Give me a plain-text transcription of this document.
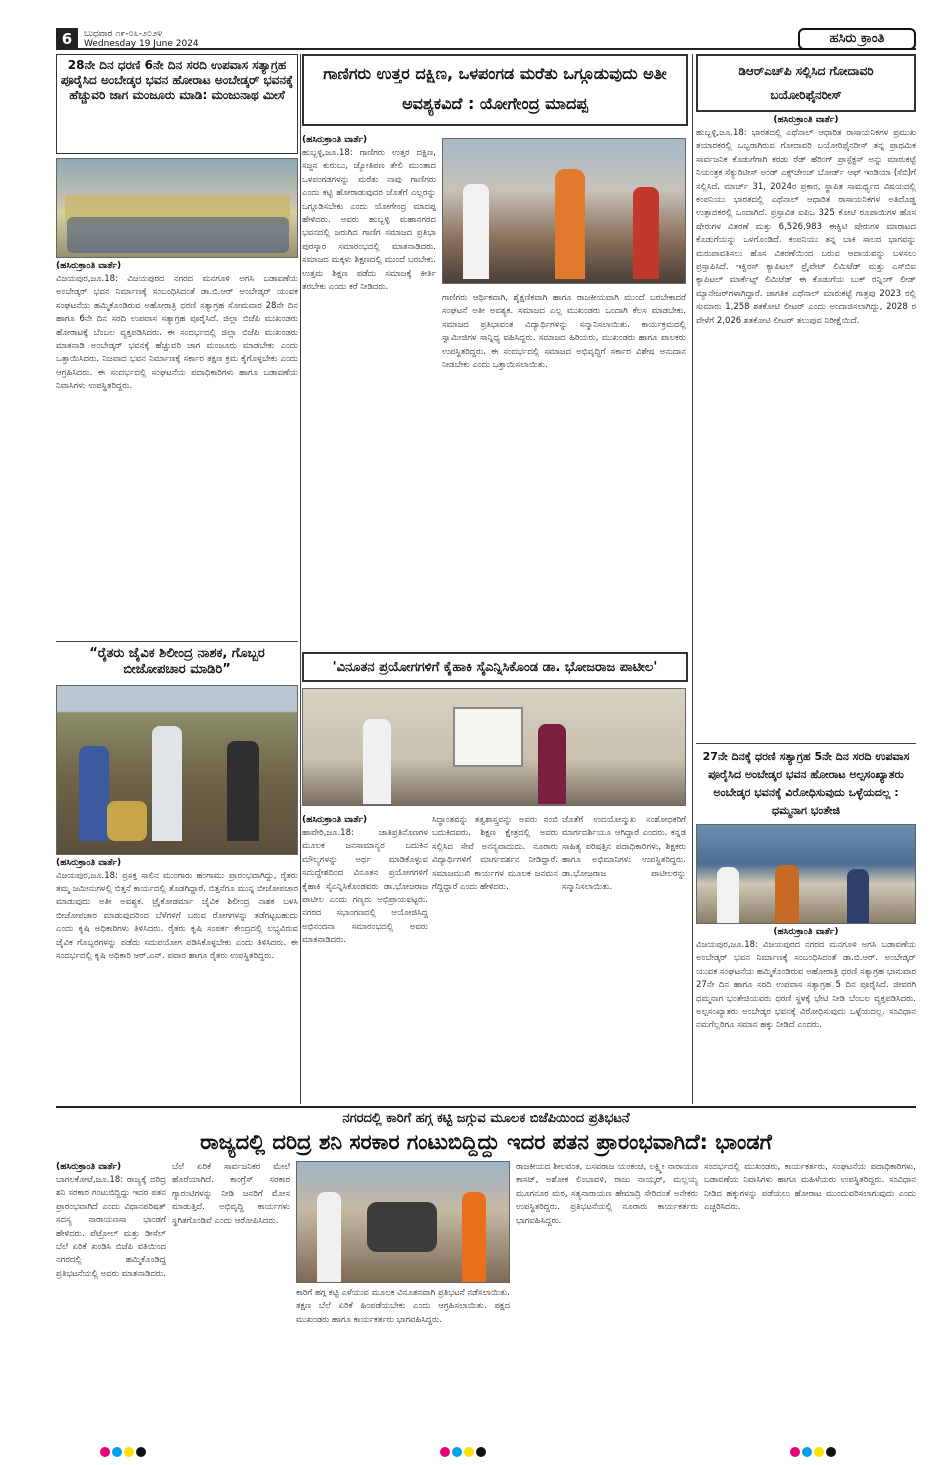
6	ಬುಧವಾರ ೧೯-೦೬-೨೦೨೪
Wednesday 19 June 2024	ಹಸಿರು ಕ್ರಾಂತಿ
28ನೇ ದಿನ ಧರಣಿ 6ನೇ ದಿನ ಸರದಿ ಉಪವಾಸ ಸತ್ಯಾಗ್ರಹ ಪೂರೈಸಿದ ಅಂಬೇಡ್ಕರ ಭವನ ಹೋರಾಟ ಅಂಬೇಡ್ಕರ್ ಭವನಕ್ಕೆ ಹೆಚ್ಚುವರಿ ಜಾಗ ಮಂಜೂರು ಮಾಡಿ: ಮಂಜುನಾಥ ಮೀಸೆ
(ಹಸಿರುಕ್ರಾಂತಿ ವಾರ್ತೆ)
ವಿಜಯಪುರ,ಜೂ.18: ವಿಜಯಪುರದ ನಗರದ ಮನಗೂಳಿ ಅಗಸಿ ಬಡಾವಣೆಯ ಅಂಬೇಡ್ಕರ್ ಭವನ ನಿರ್ಮಾಣಕ್ಕೆ ಸಂಬಂಧಿಸಿದಂತೆ ಡಾ.ಬಿ.ಆರ್ ಅಂಬೇಡ್ಕರ್ ಯುವಕ ಸಂಘಟನೆಯ ಹಮ್ಮಿಕೊಂಡಿರುವ ಅಹೋರಾತ್ರಿ ಧರಣಿ ಸತ್ಯಾಗ್ರಹ ಸೋಮವಾರ 28ನೇ ದಿನ ಹಾಗೂ 6ನೇ ದಿನ ಸರದಿ ಉಪವಾಸ ಸತ್ಯಾಗ್ರಹ ಪೂರೈಸಿದೆ. ಜಿಲ್ಲಾ ಬಿಜೆಪಿ ಮುಖಂಡರು ಹೋರಾಟಕ್ಕೆ ಬೆಂಬಲ ವ್ಯಕ್ತಪಡಿಸಿದರು. ಈ ಸಂದರ್ಭದಲ್ಲಿ ಜಿಲ್ಲಾ ಬಿಜೆಪಿ ಮುಖಂಡರು ಮಾತನಾಡಿ ಅಂಬೇಡ್ಕರ್ ಭವನಕ್ಕೆ ಹೆಚ್ಚುವರಿ ಜಾಗ ಮಂಜೂರು ಮಾಡಬೇಕು ಎಂದು ಒತ್ತಾಯಿಸಿದರು. ನಿಜವಾದ ಭವನ ನಿರ್ಮಾಣಕ್ಕೆ ಸರ್ಕಾರ ತಕ್ಷಣ ಕ್ರಮ ಕೈಗೊಳ್ಳಬೇಕು ಎಂದು ಆಗ್ರಹಿಸಿದರು. ಈ ಸಂದರ್ಭದಲ್ಲಿ ಸಂಘಟನೆಯ ಪದಾಧಿಕಾರಿಗಳು ಹಾಗೂ ಬಡಾವಣೆಯ ನಿವಾಸಿಗಳು ಉಪಸ್ಥಿತರಿದ್ದರು.
“ರೈತರು ಜೈವಿಕ ಶಿಲೀಂದ್ರ ನಾಶಕ, ಗೊಬ್ಬರ ಬೀಜೋಪಚಾರ ಮಾಡಿರಿ”
(ಹಸಿರುಕ್ರಾಂತಿ ವಾರ್ತೆ)
ವಿಜಯಪುರ,ಜೂ.18: ಪ್ರಸಕ್ತ ಸಾಲಿನ ಮುಂಗಾರು ಹಂಗಾಮು ಪ್ರಾರಂಭವಾಗಿದ್ದು, ರೈತರು ತಮ್ಮ ಜಮೀನುಗಳಲ್ಲಿ ಬಿತ್ತನೆ ಕಾರ್ಯದಲ್ಲಿ ತೊಡಗಿದ್ದಾರೆ. ಬಿತ್ತನೆಗೂ ಮುನ್ನ ಬೀಜೋಪಚಾರ ಮಾಡುವುದು ಅತೀ ಅವಶ್ಯಕ. ಟ್ರೈಕೋಡರ್ಮಾ ಜೈವಿಕ ಶಿಲೀಂದ್ರ ನಾಶಕ ಬಳಸಿ ಬೀಜೋಪಚಾರ ಮಾಡುವುದರಿಂದ ಬೆಳೆಗಳಿಗೆ ಬರುವ ರೋಗಗಳನ್ನು ತಡೆಗಟ್ಟಬಹುದು ಎಂದು ಕೃಷಿ ಅಧಿಕಾರಿಗಳು ತಿಳಿಸಿದರು. ರೈತರು ಕೃಷಿ ಸಂಪರ್ಕ ಕೇಂದ್ರದಲ್ಲಿ ಲಭ್ಯವಿರುವ ಜೈವಿಕ ಗೊಬ್ಬರಗಳನ್ನು ಪಡೆದು ಸದುಪಯೋಗ ಪಡಿಸಿಕೊಳ್ಳಬೇಕು ಎಂದು ತಿಳಿಸಿದರು. ಈ ಸಂದರ್ಭದಲ್ಲಿ ಕೃಷಿ ಅಧಿಕಾರಿ ಆರ್.ಎನ್. ಪವಾರ ಹಾಗೂ ರೈತರು ಉಪಸ್ಥಿತರಿದ್ದರು.
ಗಾಣಿಗರು ಉತ್ತರ ದಕ್ಷಿಣ, ಒಳಪಂಗಡ ಮರೆತು ಒಗ್ಗೂಡುವುದು ಅತೀ ಅವಶ್ಯಕವಿದೆ : ಯೋಗೇಂದ್ರ ಮಾದಪ್ಪ
(ಹಸಿರುಕ್ರಾಂತಿ ವಾರ್ತೆ)
ಹುಬ್ಬಳ್ಳಿ,ಜೂ.18: ಗಾಣಿಗರು ಉತ್ತರ ದಕ್ಷಿಣ, ಸಜ್ಜನ ಕುರುಬು, ಜ್ಯೋತಿಪಣ ತೇಲಿ ಮುಂತಾದ ಒಳಪಂಗಡಗಳನ್ನು ಮರೆತು ನಾವು ಗಾಣಿಗರು ಎಂದು ಕಟ್ಟಿ ಹೋರಾಡುವುದರ ಜೊತೆಗೆ ಎಲ್ಲರನ್ನು ಒಗ್ಗೂಡಿಸಬೇಕು ಎಂದು ಯೋಗೇಂದ್ರ ಮಾದಪ್ಪ ಹೇಳಿದರು. ಅವರು ಹುಬ್ಬಳ್ಳಿ ಮಹಾನಗರದ ಭವನದಲ್ಲಿ ಜರುಗಿದ ಗಾಣಿಗ ಸಮಾಜದ ಪ್ರತಿಭಾ ಪುರಸ್ಕಾರ ಸಮಾರಂಭದಲ್ಲಿ ಮಾತನಾಡಿದರು. ಸಮಾಜದ ಮಕ್ಕಳು ಶಿಕ್ಷಣದಲ್ಲಿ ಮುಂದೆ ಬರಬೇಕು. ಉತ್ತಮ ಶಿಕ್ಷಣ ಪಡೆದು ಸಮಾಜಕ್ಕೆ ಕೀರ್ತಿ ತರಬೇಕು ಎಂದು ಕರೆ ನೀಡಿದರು.
ಗಾಣಿಗರು ಆರ್ಥಿಕವಾಗಿ, ಶೈಕ್ಷಣಿಕವಾಗಿ ಹಾಗೂ ರಾಜಕೀಯವಾಗಿ ಮುಂದೆ ಬರಬೇಕಾದರೆ ಸಂಘಟನೆ ಅತೀ ಅವಶ್ಯಕ. ಸಮಾಜದ ಎಲ್ಲ ಮುಖಂಡರು ಒಂದಾಗಿ ಕೆಲಸ ಮಾಡಬೇಕು. ಸಮಾಜದ ಪ್ರತಿಭಾವಂತ ವಿದ್ಯಾರ್ಥಿಗಳನ್ನು ಸನ್ಮಾನಿಸಲಾಯಿತು. ಕಾರ್ಯಕ್ರಮದಲ್ಲಿ ಸ್ವಾಮೀಜಿಗಳ ಸಾನ್ನಿಧ್ಯ ವಹಿಸಿದ್ದರು. ಸಮಾಜದ ಹಿರಿಯರು, ಮುಖಂಡರು ಹಾಗೂ ಪಾಲಕರು ಉಪಸ್ಥಿತರಿದ್ದರು. ಈ ಸಂದರ್ಭದಲ್ಲಿ ಸಮಾಜದ ಅಭಿವೃದ್ಧಿಗೆ ಸರ್ಕಾರ ವಿಶೇಷ ಅನುದಾನ ನೀಡಬೇಕು ಎಂದು ಒತ್ತಾಯಿಸಲಾಯಿತು.
'ವಿನೂತನ ಪ್ರಯೋಗಗಳಿಗೆ ಕೈಹಾಕಿ ಸೈಎನ್ನಿಸಿಕೊಂಡ ಡಾ. ಭೋಜರಾಜ ಪಾಟೀಲ'
(ಹಸಿರುಕ್ರಾಂತಿ ವಾರ್ತೆ)
ಹಾವೇರಿ,ಜೂ.18: ಜಾತಿಪ್ರತಿನೊಣಗಳ ಮೂಲಕ ಜನಸಾಮಾನ್ಯರ ಬದುಕಿನ ಮೌಲ್ಯಗಳನ್ನು ಅರ್ಥ ಮಾಡಿಕೊಳ್ಳುವ ಸದುದ್ದೇಶದಿಂದ ವಿನೂತನ ಪ್ರಯೋಗಗಳಿಗೆ ಕೈಹಾಕಿ ಸೈಎನ್ನಿಸಿಕೊಂಡವರು ಡಾ.ಭೋಜರಾಜ ಪಾಟೀಲ ಎಂದು ಗಣ್ಯರು ಅಭಿಪ್ರಾಯಪಟ್ಟರು. ನಗರದ ಸಭಾಂಗಣದಲ್ಲಿ ಆಯೋಜಿಸಿದ್ದ ಅಭಿನಂದನಾ ಸಮಾರಂಭದಲ್ಲಿ ಅವರು ಮಾತನಾಡಿದರು.
ಸಿದ್ಧಾಂತವನ್ನು ತತ್ವಶಾಸ್ತ್ರವನ್ನು ಅವರು ನಂಬಿ ಬದುಕಿದವರು. ಶಿಕ್ಷಣ ಕ್ಷೇತ್ರದಲ್ಲಿ ಅವರು ಸಲ್ಲಿಸಿದ ಸೇವೆ ಅನನ್ಯವಾದುದು. ನೂರಾರು ವಿದ್ಯಾರ್ಥಿಗಳಿಗೆ ಮಾರ್ಗದರ್ಶನ ನೀಡಿದ್ದಾರೆ. ಸಮಾಜಮುಖಿ ಕಾರ್ಯಗಳ ಮೂಲಕ ಜನಮನ ಗೆದ್ದಿದ್ದಾರೆ ಎಂದು ಹೇಳಿದರು.
ಜೊತೆಗೆ ಉದಯೋನ್ಮುಖ ಸಂಶೋಧಕರಿಗೆ ಮಾರ್ಗದರ್ಶಿಯೂ ಆಗಿದ್ದಾರೆ ಎಂದರು. ಕನ್ನಡ ಸಾಹಿತ್ಯ ಪರಿಷತ್ತಿನ ಪದಾಧಿಕಾರಿಗಳು, ಶಿಕ್ಷಕರು ಹಾಗೂ ಅಭಿಮಾನಿಗಳು ಉಪಸ್ಥಿತರಿದ್ದರು. ಡಾ.ಭೋಜರಾಜ ಪಾಟೀಲರನ್ನು ಸನ್ಮಾನಿಸಲಾಯಿತು.
ಡಿಆರ್‌ಎಚ್‌ಪಿ ಸಲ್ಲಿಸಿದ ಗೋದಾವರಿ ಬಯೋರಿಫೈನರೀಸ್
(ಹಸಿರುಕ್ರಾಂತಿ ವಾರ್ತೆ)
ಹುಬ್ಬಳ್ಳಿ,ಜೂ.18: ಭಾರತದಲ್ಲಿ ಎಥೆನಾಲ್ ಆಧಾರಿತ ರಾಸಾಯನಿಕಗಳ ಪ್ರಮುಖ ತಯಾರಕರಲ್ಲಿ ಒಬ್ಬರಾಗಿರುವ ಗೋದಾವರಿ ಬಯೋರಿಫೈನರೀಸ್ ತನ್ನ ಪ್ರಾಥಮಿಕ ಸಾರ್ವಜನಿಕ ಕೊಡುಗೆಗಾಗಿ ಕರಡು ರೆಡ್ ಹೆರಿಂಗ್ ಪ್ರಾಸ್ಪೆಕ್ಟಸ್ ಅನ್ನು ಮಾರುಕಟ್ಟೆ ನಿಯಂತ್ರಕ ಸೆಕ್ಯುರಿಟೀಸ್ ಅಂಡ್ ಎಕ್ಸ್‌ಚೇಂಜ್ ಬೋರ್ಡ್ ಆಫ್ ಇಂಡಿಯಾ (ಸೆಬಿ)ಗೆ ಸಲ್ಲಿಸಿದೆ. ಮಾರ್ಚ್ 31, 2024ರ ಪ್ರಕಾರ, ಸ್ಥಾಪಿತ ಸಾಮರ್ಥ್ಯದ ವಿಷಯದಲ್ಲಿ ಕಂಪನಿಯು ಭಾರತದಲ್ಲಿ ಎಥೆನಾಲ್ ಆಧಾರಿತ ರಾಸಾಯನಿಕಗಳ ಅತಿದೊಡ್ಡ ಉತ್ಪಾದಕರಲ್ಲಿ ಒಂದಾಗಿದೆ. ಪ್ರಸ್ತಾವಿತ ಐಪಿಒ 325 ಕೋಟಿ ರೂಪಾಯಿಗಳ ಹೊಸ ಷೇರುಗಳ ವಿತರಣೆ ಮತ್ತು 6,526,983 ಈಕ್ವಿಟಿ ಷೇರುಗಳ ಮಾರಾಟದ ಕೊಡುಗೆಯನ್ನು ಒಳಗೊಂಡಿದೆ. ಕಂಪನಿಯು ತನ್ನ ಬಾಕಿ ಸಾಲದ ಭಾಗವನ್ನು ಮರುಪಾವತಿಸಲು ಹೊಸ ವಿತರಣೆಯಿಂದ ಬರುವ ಆದಾಯವನ್ನು ಬಳಸಲು ಪ್ರಸ್ತಾಪಿಸಿದೆ. ಇಕ್ವಿರಸ್ ಕ್ಯಾಪಿಟಲ್ ಪ್ರೈವೇಟ್ ಲಿಮಿಟೆಡ್ ಮತ್ತು ಎಸ್‌ಬಿಐ ಕ್ಯಾಪಿಟಲ್ ಮಾರ್ಕೆಟ್ಸ್ ಲಿಮಿಟೆಡ್ ಈ ಕೊಡುಗೆಯ ಬುಕ್ ರನ್ನಿಂಗ್ ಲೀಡ್ ಮ್ಯಾನೇಜರ್‌ಗಳಾಗಿದ್ದಾರೆ. ಜಾಗತಿಕ ಎಥೆನಾಲ್ ಮಾರುಕಟ್ಟೆ ಗಾತ್ರವು 2023 ರಲ್ಲಿ ಸುಮಾರು 1,258 ಶತಕೋಟಿ ಲೀಟರ್ ಎಂದು ಅಂದಾಜಿಸಲಾಗಿದ್ದು, 2028 ರ ವೇಳೆಗೆ 2,026 ಶತಕೋಟಿ ಲೀಟರ್ ತಲುಪುವ ನಿರೀಕ್ಷೆಯಿದೆ.
27ನೇ ದಿನಕ್ಕೆ ಧರಣಿ ಸತ್ಯಾಗ್ರಹ 5ನೇ ದಿನ ಸರದಿ ಉಪವಾಸ ಪೂರೈಸಿದ ಅಂಬೇಡ್ಕರ ಭವನ ಹೋರಾಟ ಅಲ್ಪಸಂಖ್ಯಾತರು ಅಂಬೇಡ್ಕರ ಭವನಕ್ಕೆ ವಿರೋಧಿಸುವುದು ಒಳ್ಳೆಯದಲ್ಲ : ಧಮ್ಮನಾಗ ಭಂತೇಜಿ
(ಹಸಿರುಕ್ರಾಂತಿ ವಾರ್ತೆ)
ವಿಜಯಪುರ,ಜೂ.18: ವಿಜಯಪುರದ ನಗರದ ಮನಗೂಳಿ ಅಗಸಿ ಬಡಾವಣೆಯ ಅಂಬೇಡ್ಕರ್ ಭವನ ನಿರ್ಮಾಣಕ್ಕೆ ಸಂಬಂಧಿಸಿದಂತೆ ಡಾ.ಬಿ.ಆರ್. ಅಂಬೇಡ್ಕರ್ ಯುವಕ ಸಂಘಟನೆಯ ಹಮ್ಮಿಕೊಂಡಿರುವ ಅಹೋರಾತ್ರಿ ಧರಣಿ ಸತ್ಯಾಗ್ರಹ ಭಾನುವಾರ 27ನೇ ದಿನ ಹಾಗೂ ಸರದಿ ಉಪವಾಸ ಸತ್ಯಾಗ್ರಹ 5 ದಿನ ಪೂರೈಸಿದೆ. ಜೀವರಗಿ ಧಮ್ಮನಾಗ ಭಂತೇಜಿಯವರು ಧರಣಿ ಸ್ಥಳಕ್ಕೆ ಭೇಟಿ ನೀಡಿ ಬೆಂಬಲ ವ್ಯಕ್ತಪಡಿಸಿದರು. ಅಲ್ಪಸಂಖ್ಯಾತರು ಅಂಬೇಡ್ಕರ ಭವನಕ್ಕೆ ವಿರೋಧಿಸುವುದು ಒಳ್ಳೆಯದಲ್ಲ. ಸಂವಿಧಾನ ನಮಗೆಲ್ಲರಿಗೂ ಸಮಾನ ಹಕ್ಕು ನೀಡಿದೆ ಎಂದರು.
ನಗರದಲ್ಲಿ ಕಾರಿಗೆ ಹಗ್ಗ ಕಟ್ಟಿ ಜಗ್ಗುವ ಮೂಲಕ ಬಿಜೆಪಿಯಿಂದ ಪ್ರತಿಭಟನೆ
ರಾಜ್ಯದಲ್ಲಿ ದರಿದ್ರ ಶನಿ ಸರಕಾರ ಗಂಟುಬಿದ್ದಿದ್ದು ಇದರ ಪತನ ಪ್ರಾರಂಭವಾಗಿದೆ: ಭಾಂಡಗೆ
(ಹಸಿರುಕ್ರಾಂತಿ ವಾರ್ತೆ)
ಬಾಗಲಕೋಟೆ,ಜೂ.18: ರಾಜ್ಯಕ್ಕೆ ದರಿದ್ರ ಶನಿ ಸರಕಾರ ಗಂಟುಬಿದ್ದಿದ್ದು ಇದರ ಪತನ ಪ್ರಾರಂಭವಾಗಿದೆ ಎಂದು ವಿಧಾನಪರಿಷತ್ ಸದಸ್ಯ ನಾರಾಯಣಸಾ ಭಾಂಡಗೆ ಹೇಳಿದರು. ಪೆಟ್ರೋಲ್ ಮತ್ತು ಡೀಸೆಲ್ ಬೆಲೆ ಏರಿಕೆ ಖಂಡಿಸಿ ಬಿಜೆಪಿ ವತಿಯಿಂದ ನಗರದಲ್ಲಿ ಹಮ್ಮಿಕೊಂಡಿದ್ದ ಪ್ರತಿಭಟನೆಯಲ್ಲಿ ಅವರು ಮಾತನಾಡಿದರು.
ಬೆಲೆ ಏರಿಕೆ ಸಾರ್ವಜನಿಕರ ಮೇಲೆ ಹೊರೆಯಾಗಿದೆ. ಕಾಂಗ್ರೆಸ್ ಸರಕಾರ ಗ್ಯಾರಂಟಿಗಳನ್ನು ನೀಡಿ ಜನರಿಗೆ ಮೋಸ ಮಾಡುತ್ತಿದೆ. ಅಭಿವೃದ್ಧಿ ಕಾರ್ಯಗಳು ಸ್ಥಗಿತಗೊಂಡಿವೆ ಎಂದು ಆರೋಪಿಸಿದರು.
ಕಾರಿಗೆ ಹಗ್ಗ ಕಟ್ಟಿ ಎಳೆಯುವ ಮೂಲಕ ವಿನೂತನವಾಗಿ ಪ್ರತಿಭಟನೆ ನಡೆಸಲಾಯಿತು. ತಕ್ಷಣ ಬೆಲೆ ಏರಿಕೆ ಹಿಂಪಡೆಯಬೇಕು ಎಂದು ಆಗ್ರಹಿಸಲಾಯಿತು. ಪಕ್ಷದ ಮುಖಂಡರು ಹಾಗೂ ಕಾರ್ಯಕರ್ತರು ಭಾಗವಹಿಸಿದ್ದರು.
ರಾಜಕೀಯದ ಶೀಲವಂತ, ಬಸವರಾಜ ಯಂಕಂಚಿ, ಲಕ್ಷ್ಮೀ ನಾರಾಯಣ ಕಾಸಟ್, ಅಶೋಕ ಲಿಂಬಾವಳಿ, ರಾಜು ನಾಯ್ಕರ್, ಮಲ್ಲಯ್ಯ ಮೂಗನೂರ ಮಠ, ಸತ್ಯನಾರಾಯಣ ಹೇಮಾದ್ರಿ ಸೇರಿದಂತೆ ಅನೇಕರು ಉಪಸ್ಥಿತರಿದ್ದರು. ಪ್ರತಿಭಟನೆಯಲ್ಲಿ ನೂರಾರು ಕಾರ್ಯಕರ್ತರು ಭಾಗವಹಿಸಿದ್ದರು.
ಸಂದರ್ಭದಲ್ಲಿ ಮುಖಂಡರು, ಕಾರ್ಯಕರ್ತರು, ಸಂಘಟನೆಯ ಪದಾಧಿಕಾರಿಗಳು, ಬಡಾವಣೆಯ ನಿವಾಸಿಗಳು ಹಾಗೂ ಮಹಿಳೆಯರು ಉಪಸ್ಥಿತರಿದ್ದರು. ಸಂವಿಧಾನ ನೀಡಿದ ಹಕ್ಕುಗಳನ್ನು ಪಡೆಯಲು ಹೋರಾಟ ಮುಂದುವರಿಸಲಾಗುವುದು ಎಂದು ಎಚ್ಚರಿಸಿದರು.
